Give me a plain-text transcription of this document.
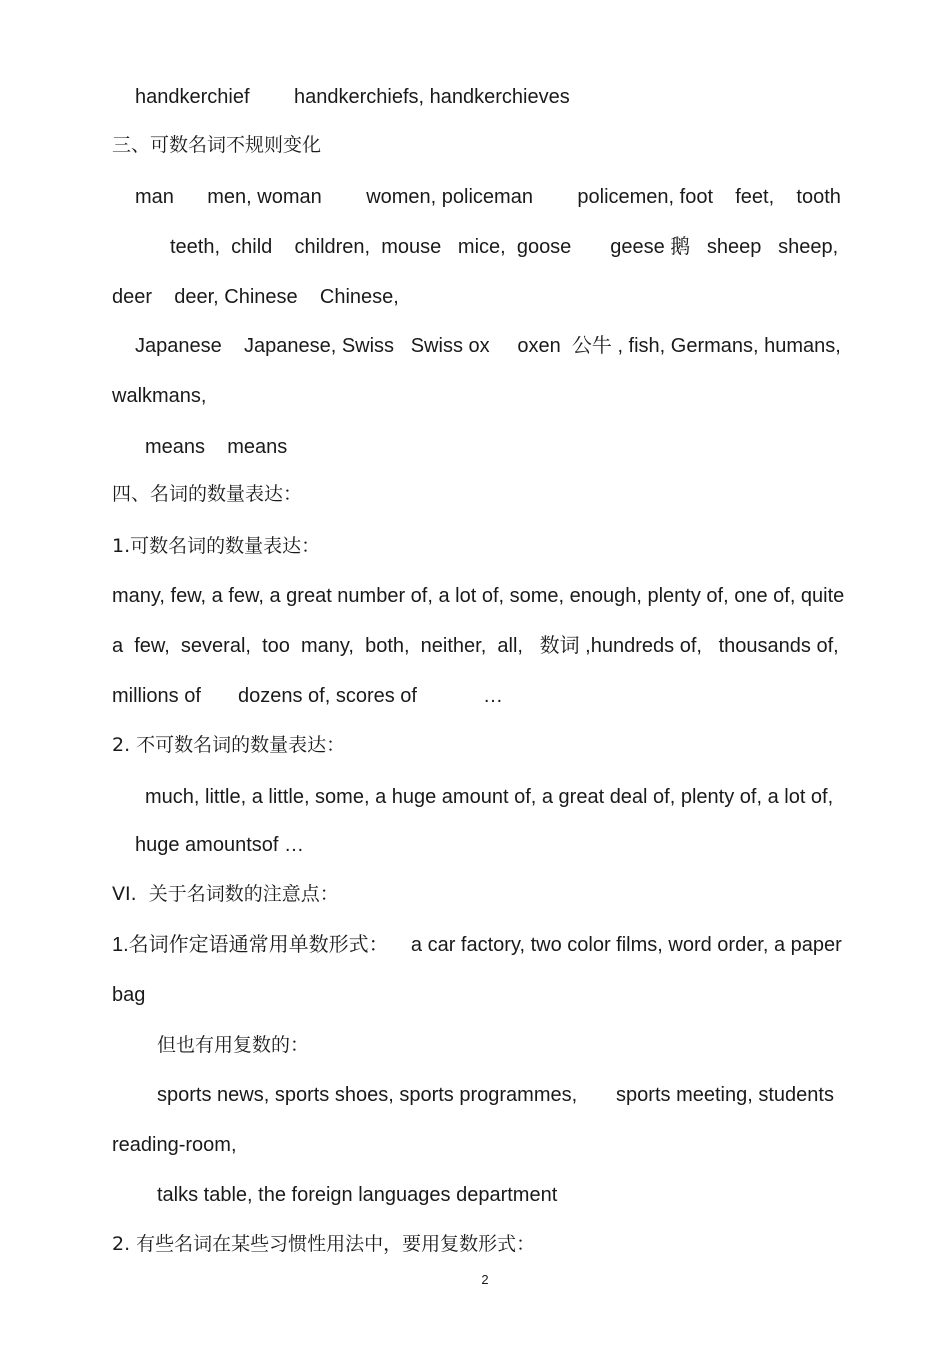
handkerchief        handkerchiefs, handkerchieves
三、可数名词不规则变化
man      men, woman        women, policeman        policemen, foot    feet,    tooth
teeth,  child    children,  mouse   mice,  goose       geese 鹅   sheep   sheep,
deer    deer, Chinese    Chinese,
Japanese    Japanese, Swiss   Swiss ox     oxen  公牛 , fish, Germans, humans,
walkmans,
means    means
四、名词的数量表达：
1.可数名词的数量表达：
many, few, a few, a great number of, a lot of, some, enough, plenty of, one of, quite
a  few,  several,  too  many,  both,  neither,  all,   数词 ,hundreds of,   thousands of,
millions of dozens of, scores of	…
2. 不可数名词的数量表达：
much, little, a little, some, a huge amount of, a great deal of, plenty of, a lot of,
huge amountsof …
VI.  关于名词数的注意点：
1.名词作定语通常用单数形式：    a car factory, two color films, word order, a paper
bag
但也有用复数的：
sports news, sports shoes, sports programmes,       sports meeting, students
reading-room,
talks table, the foreign languages department
2. 有些名词在某些习惯性用法中，要用复数形式：
2
